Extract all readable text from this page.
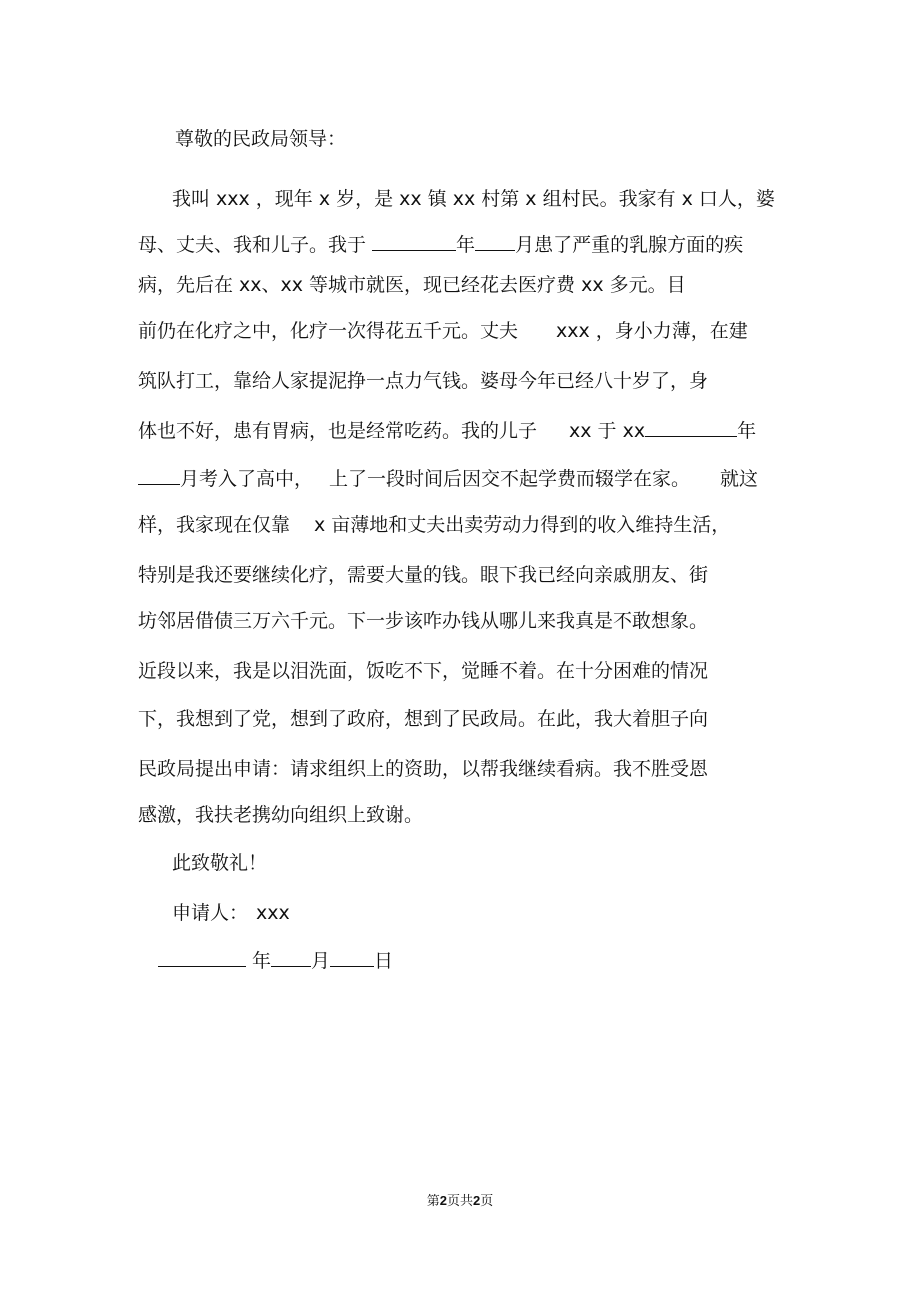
尊敬的民政局领导：
我叫 xxx ，现年 x 岁，是 xx 镇 xx 村第 x 组村民。我家有 x 口人，婆
母、丈夫、我和儿子。我于	年 月患了严重的乳腺方面的疾
病，先后在 xx、xx 等城市就医，现已经花去医疗费 xx 多元。目
前仍在化疗之中，化疗一次得花五千元。丈夫 xxx ，身小力薄，在建
筑队打工，靠给人家提泥挣一点力气钱。婆母今年已经八十岁了，身
体也不好，患有胃病，也是经常吃药。我的儿子 xx 于 xx	年
月考入了高中， 上了一段时间后因交不起学费而辍学在家。 就这
样，我家现在仅靠 x 亩薄地和丈夫出卖劳动力得到的收入维持生活，
特别是我还要继续化疗，需要大量的钱。眼下我已经向亲戚朋友、街
坊邻居借债三万六千元。下一步该咋办钱从哪儿来我真是不敢想象。
近段以来，我是以泪洗面，饭吃不下，觉睡不着。在十分困难的情况
下，我想到了党，想到了政府，想到了民政局。在此，我大着胆子向
民政局提出申请：请求组织上的资助，以帮我继续看病。我不胜受恩
感激，我扶老携幼向组织上致谢。
此致敬礼！
申请人： xxx
年 月 日
第2页共2页
